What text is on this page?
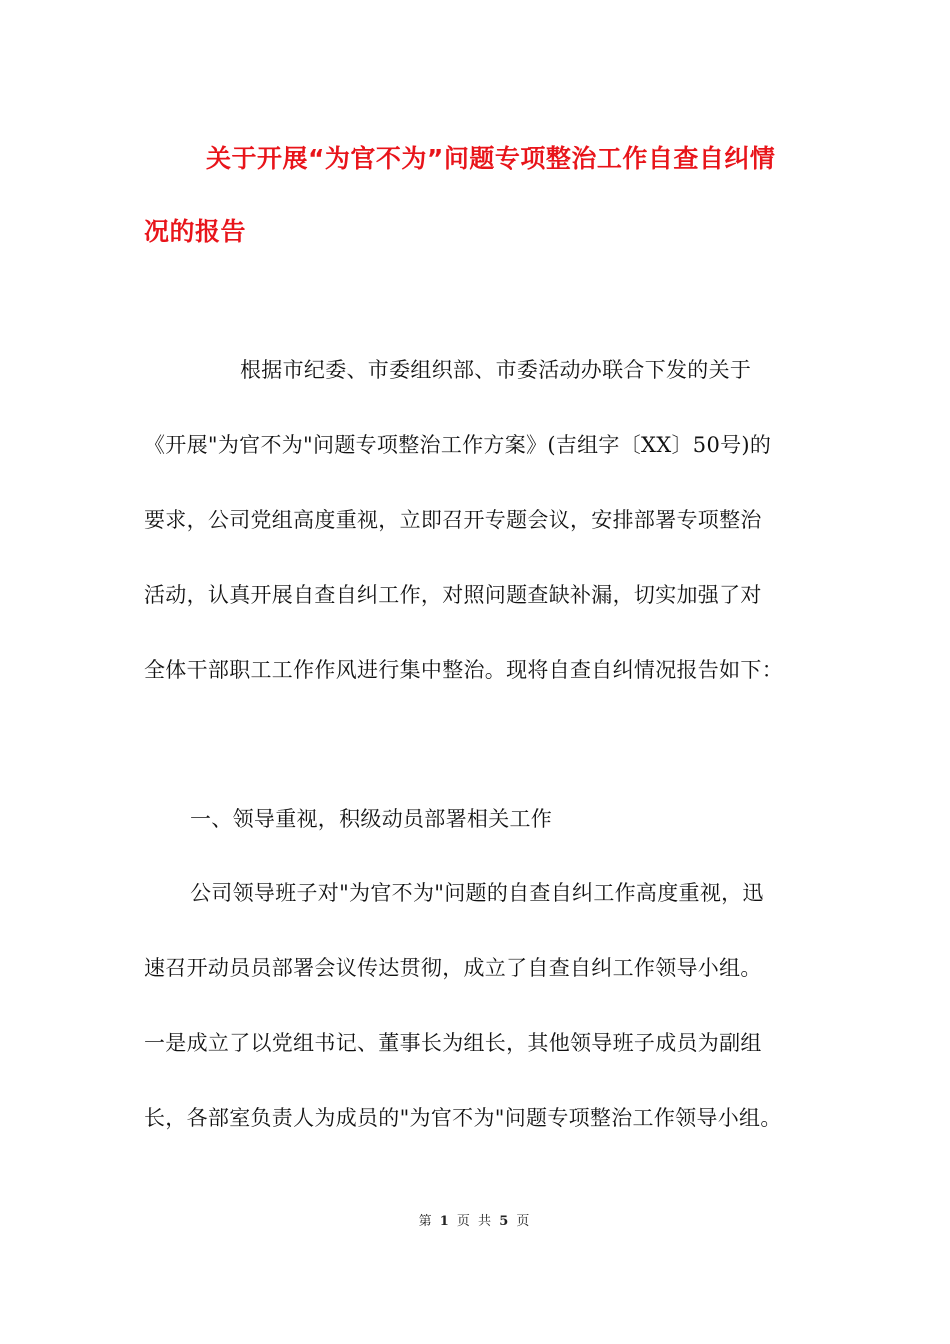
关于开展“为官不为”问题专项整治工作自查自纠情
况的报告
根据市纪委、市委组织部、市委活动办联合下发的关于
《开展"为官不为"问题专项整治工作方案》(吉组字〔XX〕50号)的
要求，公司党组高度重视，立即召开专题会议，安排部署专项整治
活动，认真开展自查自纠工作，对照问题查缺补漏，切实加强了对
全体干部职工工作作风进行集中整治。现将自查自纠情况报告如下：
一、领导重视，积级动员部署相关工作
公司领导班子对"为官不为"问题的自查自纠工作高度重视，迅
速召开动员员部署会议传达贯彻，成立了自查自纠工作领导小组。
一是成立了以党组书记、董事长为组长，其他领导班子成员为副组
长，各部室负责人为成员的"为官不为"问题专项整治工作领导小组。
第 1 页 共 5 页
